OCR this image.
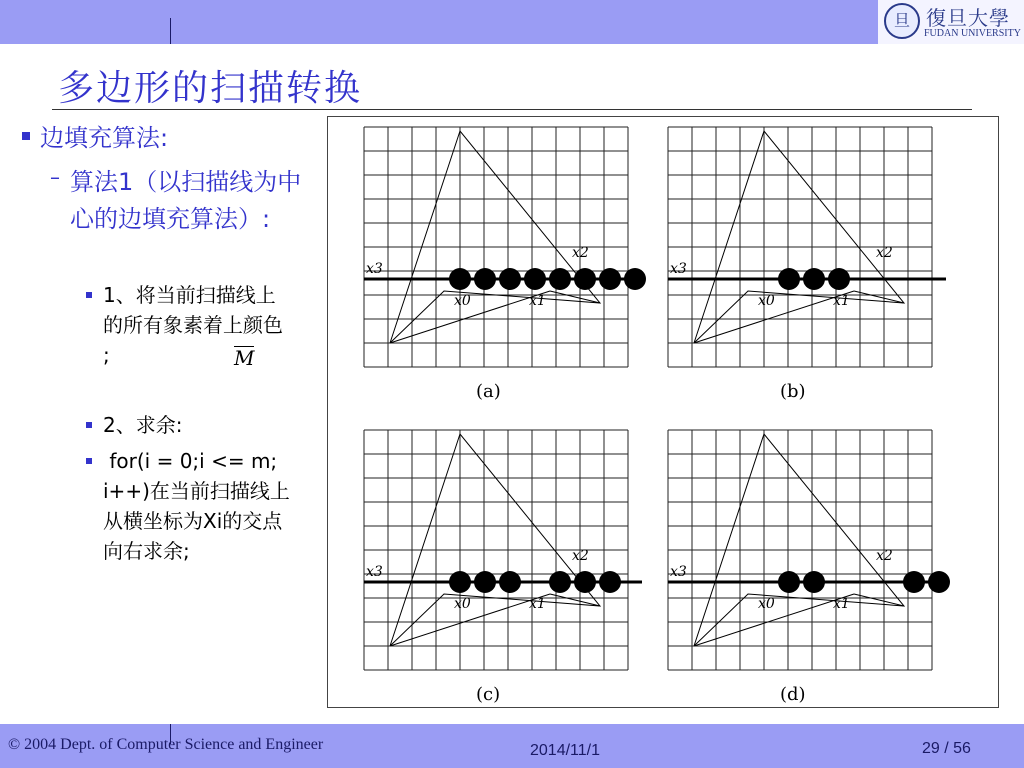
旦 復旦大學
FUDAN UNIVERSITY
多边形的扫描转换
边填充算法:
– 算法1（以扫描线为中心的边填充算法）:
1、将当前扫描线上的所有象素着上颜色      ;	M
2、求余:
for(i = 0;i <= m; i++)在当前扫描线上从横坐标为Xi的交点向右求余;
x3
x2
x0	x1
(a)
x3
x2
x0	x1
(b)
x3
x2
x0	x1
(c)
x3
x2
x0	x1
(d)
© 2004 Dept. of Computer Science and Engineer	2014/11/1	29 / 56
